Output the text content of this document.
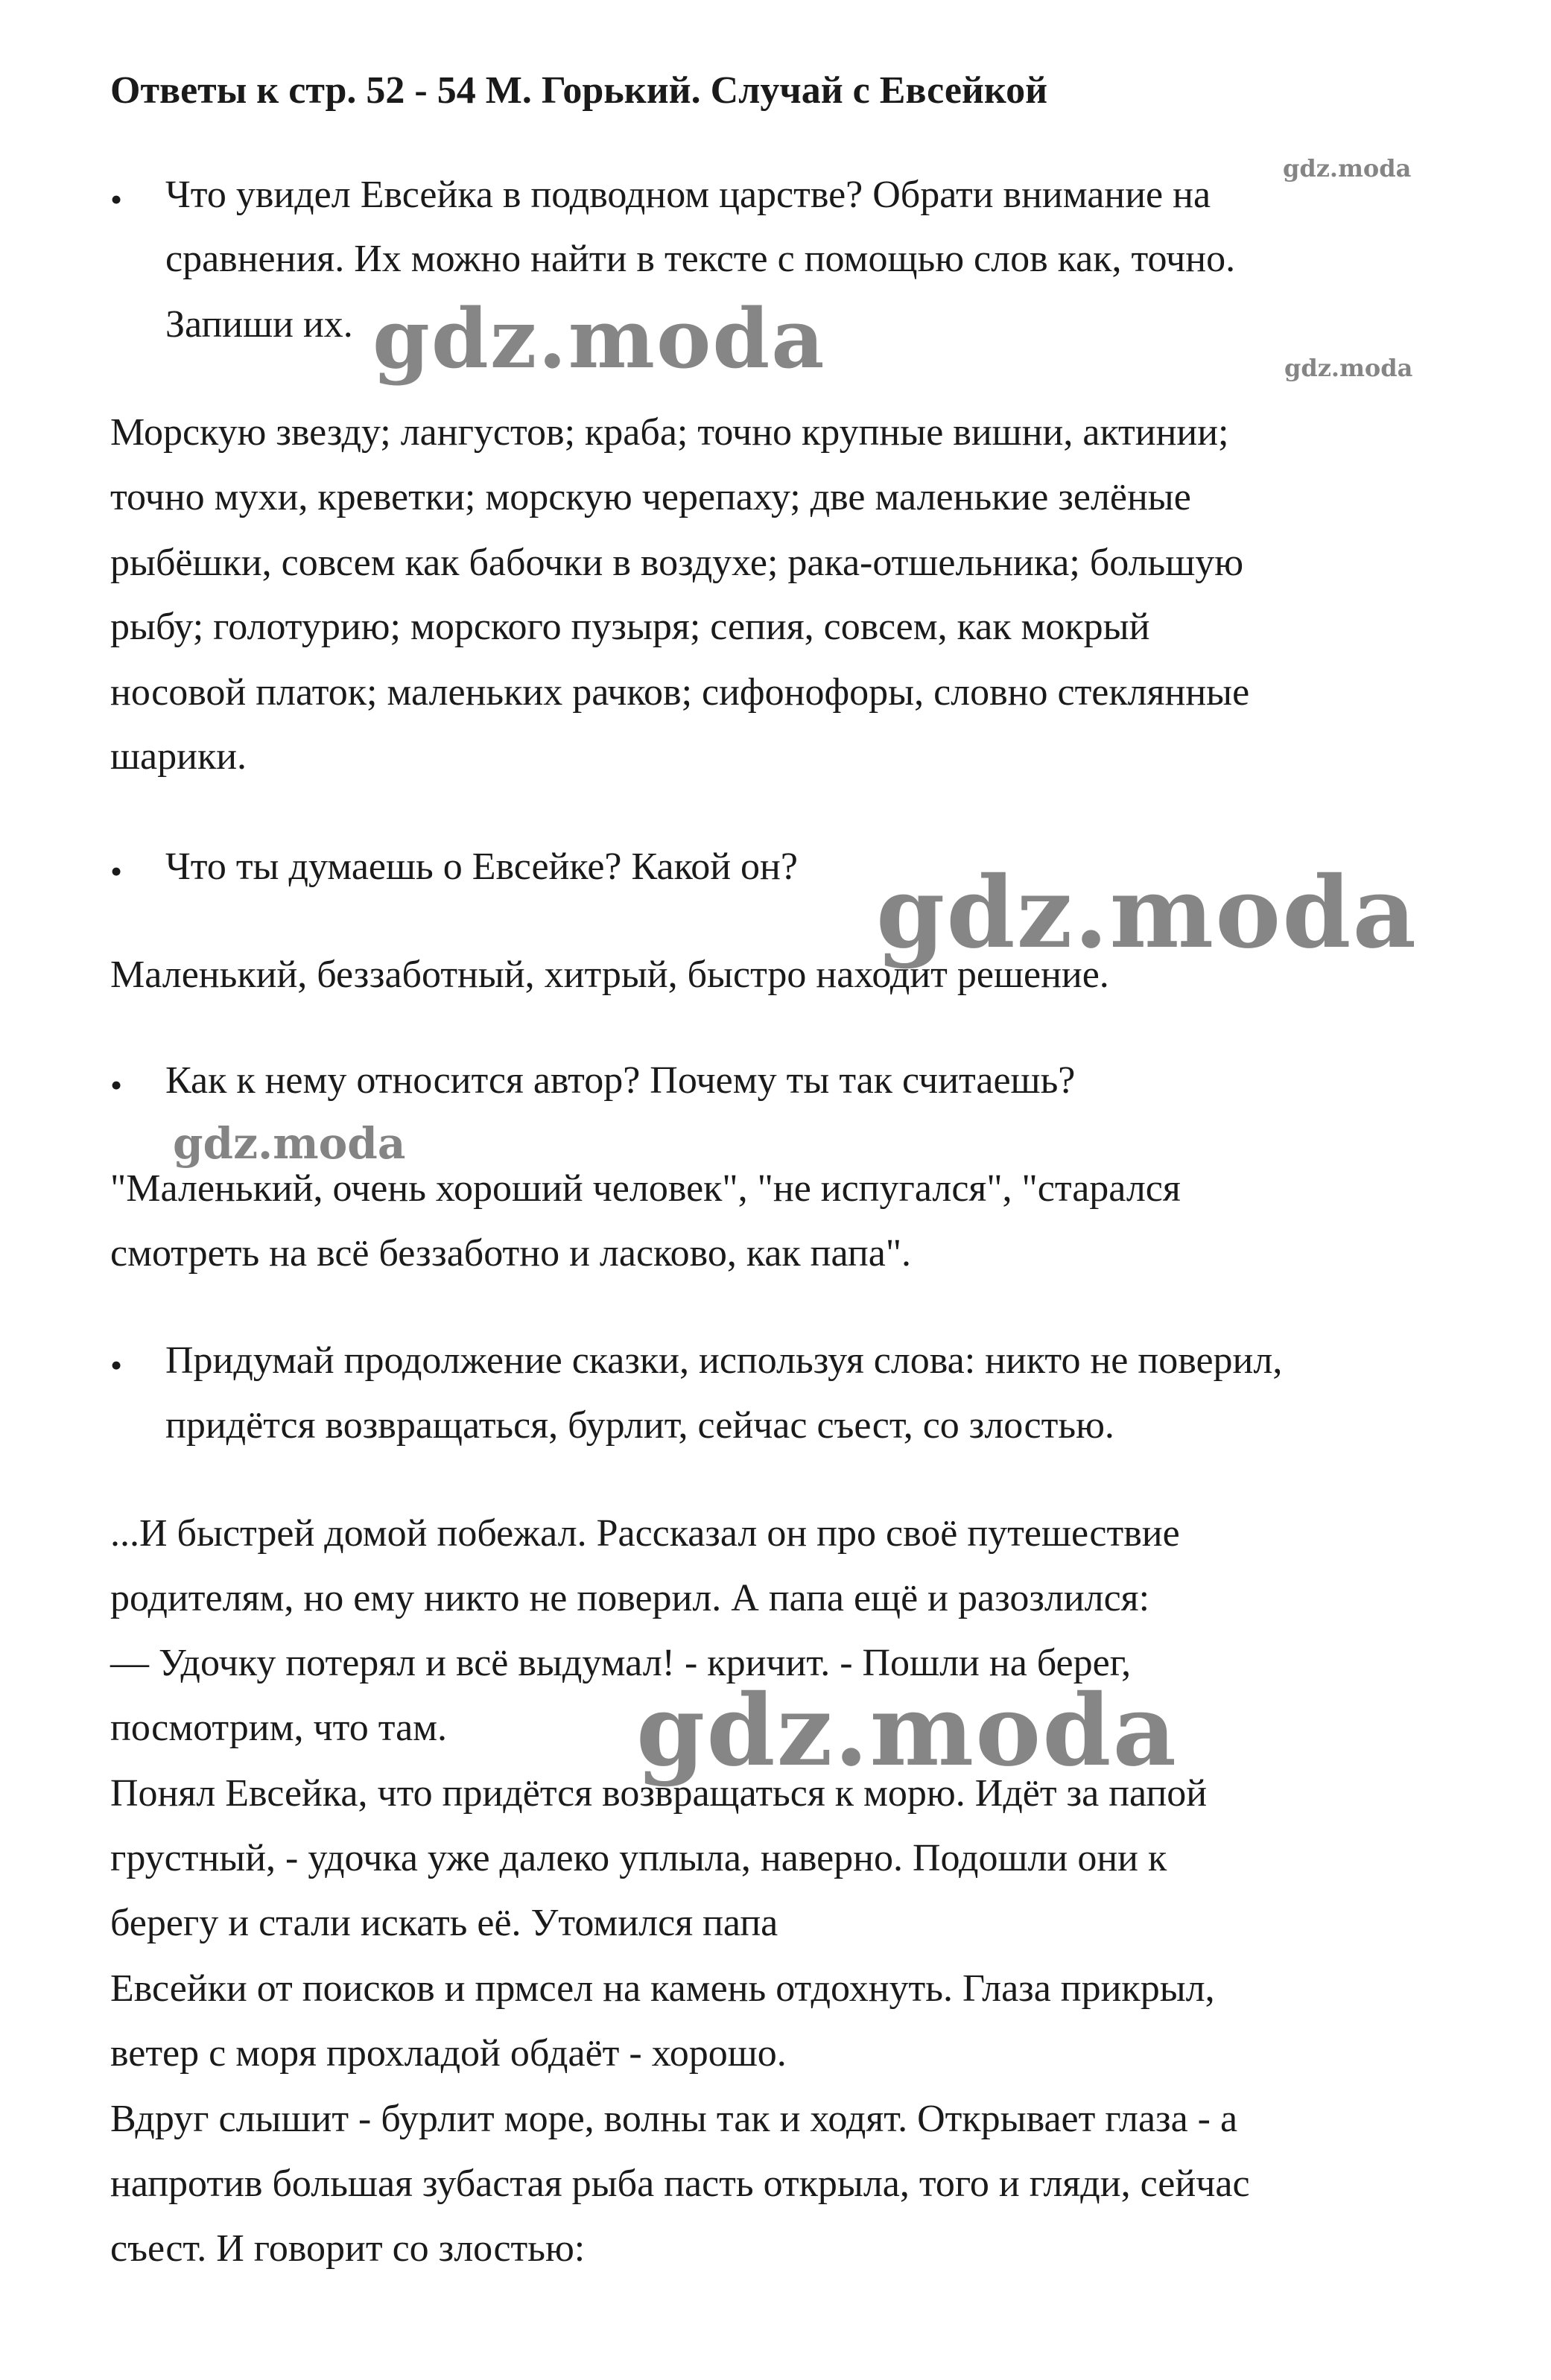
Ответы к стр. 52 - 54 М. Горький. Случай с Евсейкой
• Что увидел Евсейка в подводном царстве? Обрати внимание на
сравнения. Их можно найти в тексте с помощью слов как, точно.
Запиши их.
Морскую звезду; лангустов; краба; точно крупные вишни, актинии;
точно мухи, креветки; морскую черепаху; две маленькие зелёные
рыбёшки, совсем как бабочки в воздухе; рака-отшельника; большую
рыбу; голотурию; морского пузыря; сепия, совсем, как мокрый
носовой платок; маленьких рачков; сифонофоры, словно стеклянные
шарики.
• Что ты думаешь о Евсейке? Какой он?
Маленький, беззаботный, хитрый, быстро находит решение.
• Как к нему относится автор? Почему ты так считаешь?
"Маленький, очень хороший человек", "не испугался", "старался
смотреть на всё беззаботно и ласково, как папа".
• Придумай продолжение сказки, используя слова: никто не поверил,
придётся возвращаться, бурлит, сейчас съест, со злостью.
...И быстрей домой побежал. Рассказал он про своё путешествие
родителям, но ему никто не поверил. А папа ещё и разозлился:
— Удочку потерял и всё выдумал! - кричит. - Пошли на берег,
посмотрим, что там.
Понял Евсейка, что придётся возвращаться к морю. Идёт за папой
грустный, - удочка уже далеко уплыла, наверно. Подошли они к
берегу и стали искать её. Утомился папа
Евсейки от поисков и прмсел на камень отдохнуть. Глаза прикрыл,
ветер с моря прохладой обдаёт - хорошо.
Вдруг слышит - бурлит море, волны так и ходят. Открывает глаза - а
напротив большая зубастая рыба пасть открыла, того и гляди, сейчас
съест. И говорит со злостью:
gdz.moda
gdz.moda	gdz.moda
gdz.moda
gdz.moda
gdz.moda
